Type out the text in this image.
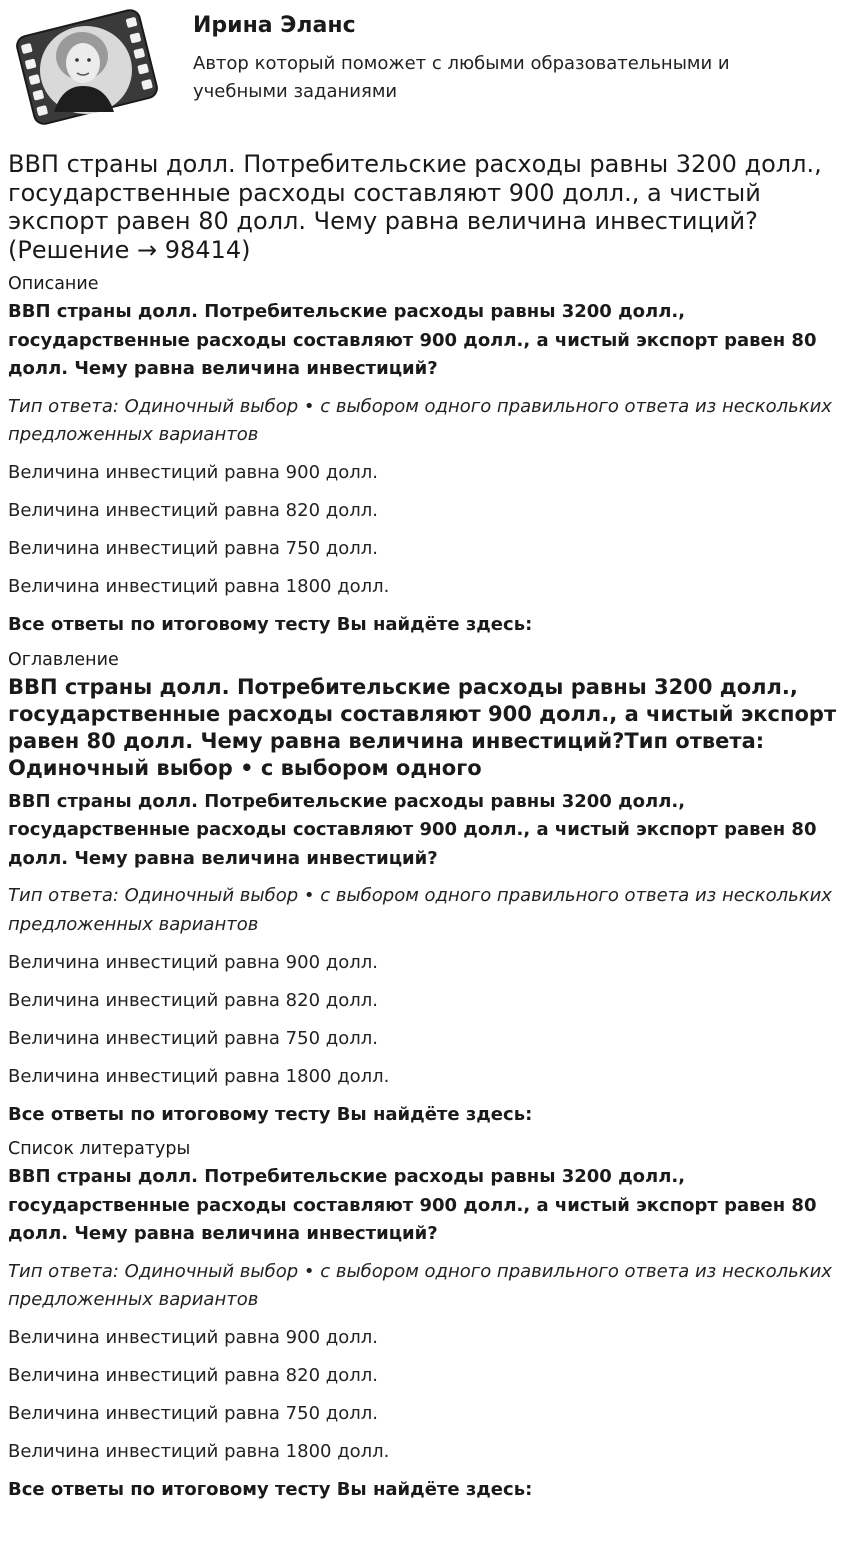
Ирина Эланс
Автор который поможет с любыми образовательными и учебными заданиями
ВВП страны долл. Потребительские расходы равны 3200 долл., государственные расходы составляют 900 долл., а чистый экспорт равен 80 долл. Чему равна величина инвестиций? (Решение → 98414)
Описание

ВВП страны долл. Потребительские расходы равны 3200 долл., государственные расходы составляют 900 долл., а чистый экспорт равен 80 долл. Чему равна величина инвестиций?

Тип ответа: Одиночный выбор • с выбором одного правильного ответа из нескольких предложенных вариантов

Величина инвестиций равна 900 долл.

Величина инвестиций равна 820 долл.

Величина инвестиций равна 750 долл.

Величина инвестиций равна 1800 долл.

Все ответы по итоговому тесту Вы найдёте здесь:

Оглавление
ВВП страны долл. Потребительские расходы равны 3200 долл., государственные расходы составляют 900 долл., а чистый экспорт равен 80 долл. Чему равна величина инвестиций?Тип ответа: Одиночный выбор • с выбором одного

ВВП страны долл. Потребительские расходы равны 3200 долл., государственные расходы составляют 900 долл., а чистый экспорт равен 80 долл. Чему равна величина инвестиций?

Тип ответа: Одиночный выбор • с выбором одного правильного ответа из нескольких предложенных вариантов

Величина инвестиций равна 900 долл.

Величина инвестиций равна 820 долл.

Величина инвестиций равна 750 долл.

Величина инвестиций равна 1800 долл.

Все ответы по итоговому тесту Вы найдёте здесь:

Список литературы

ВВП страны долл. Потребительские расходы равны 3200 долл., государственные расходы составляют 900 долл., а чистый экспорт равен 80 долл. Чему равна величина инвестиций?

Тип ответа: Одиночный выбор • с выбором одного правильного ответа из нескольких предложенных вариантов

Величина инвестиций равна 900 долл.

Величина инвестиций равна 820 долл.

Величина инвестиций равна 750 долл.

Величина инвестиций равна 1800 долл.

Все ответы по итоговому тесту Вы найдёте здесь:
